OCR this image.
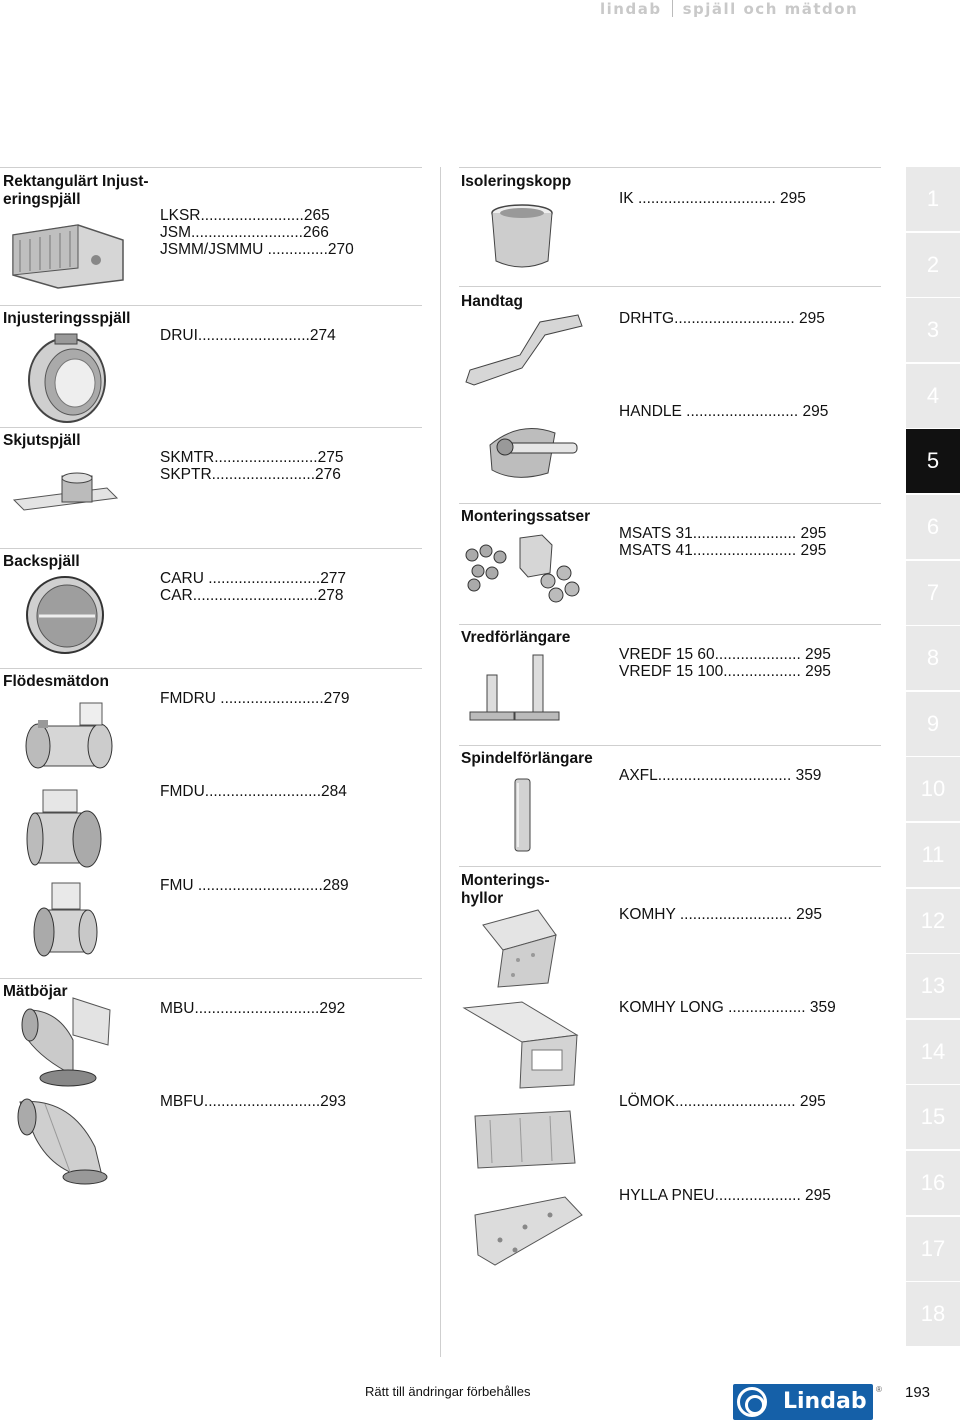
lindab spjäll och mätdon
Rektangulärt Injust-
eringspjäll
LKSR........................265
JSM..........................266
JSMM/JSMMU ..............270
Injusteringsspjäll
DRUI..........................274
Skjutspjäll
SKMTR........................275
SKPTR........................276
Backspjäll
CARU ..........................277
CAR.............................278
Flödesmätdon
FMDRU ........................279
FMDU...........................284
FMU .............................289
Mätböjar
MBU.............................292
MBFU...........................293
Isoleringskopp
IK ................................ 295
Handtag
DRHTG............................ 295
HANDLE .......................... 295
Monteringssatser
MSATS 31........................ 295
MSATS 41........................ 295
Vredförlängare
VREDF 15 60.................... 295
VREDF 15 100.................. 295
Spindelförlängare
AXFL............................... 359
Monterings-
hyllor
KOMHY .......................... 295
KOMHY LONG .................. 359
LÖMOK............................ 295
HYLLA PNEU.................... 295
1
2
3
4
5
6
7
8
9
10
11
12
13
14
15
16
17
18
Rätt till ändringar förbehålles	Lindab ® 193
